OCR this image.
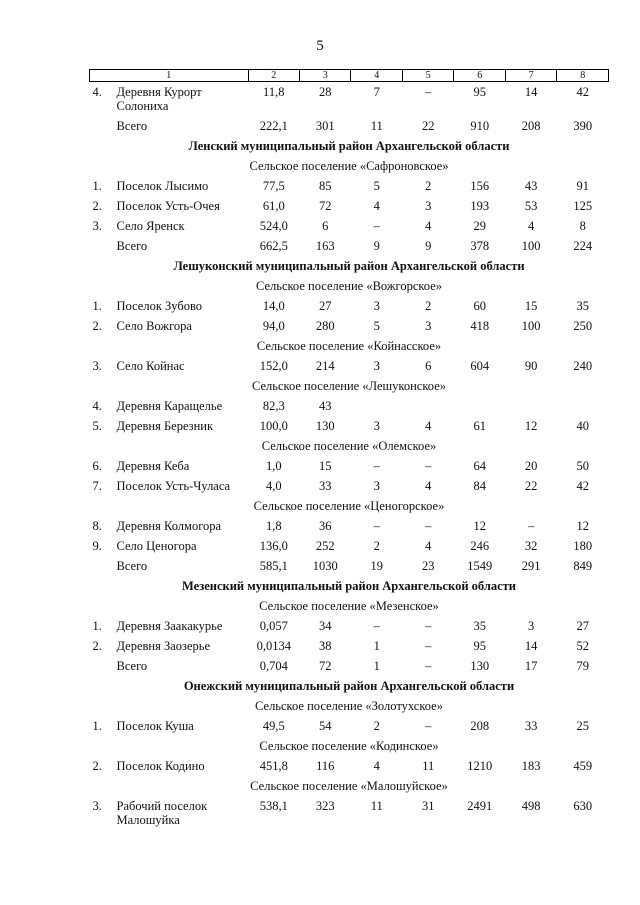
5
1	2	3	4	5	6	7	8

4. Деревня Курорт Солониха	11,8	28	7	–	95	14	42

Всего	222,1	301	11	22	910	208	390
Ленский муниципальный район Архангельской области							
Сельское поселение «Сафроновское»							

1. Поселок Лысимо	77,5	85	5	2	156	43	91

2. Поселок Усть-Очея	61,0	72	4	3	193	53	125

3. Село Яренск	524,0	6	–	4	29	4	8

Всего	662,5	163	9	9	378	100	224
Лешуконский муниципальный район Архангельской области							
Сельское поселение «Вожгорское»							

1. Поселок Зубово	14,0	27	3	2	60	15	35

2. Село Вожгора	94,0	280	5	3	418	100	250
Сельское поселение «Койнасское»							

3. Село Койнас	152,0	214	3	6	604	90	240
Сельское поселение «Лешуконское»							

4. Деревня Каращелье	82,3	43					

5. Деревня Березник	100,0	130	3	4	61	12	40
Сельское поселение «Олемское»							

6. Деревня Кеба	1,0	15	–	–	64	20	50

7. Поселок Усть-Чуласа	4,0	33	3	4	84	22	42
Сельское поселение «Ценогорское»							

8. Деревня Колмогора	1,8	36	–	–	12	–	12

9. Село Ценогора	136,0	252	2	4	246	32	180

Всего	585,1	1030	19	23	1549	291	849
Мезенский муниципальный район Архангельской области							
Сельское поселение «Мезенское»							

1. Деревня Заакакурье	0,057	34	–	–	35	3	27

2. Деревня Заозерье	0,0134	38	1	–	95	14	52

Всего	0,704	72	1	–	130	17	79
Онежский муниципальный район Архангельской области							
Сельское поселение «Золотухское»							

1. Поселок Куша	49,5	54	2	–	208	33	25
Сельское поселение «Кодинское»							

2. Поселок Кодино	451,8	116	4	11	1210	183	459
Сельское поселение «Малошуйское»							

3. Рабочий поселок Малошуйка	538,1	323	11	31	2491	498	630
